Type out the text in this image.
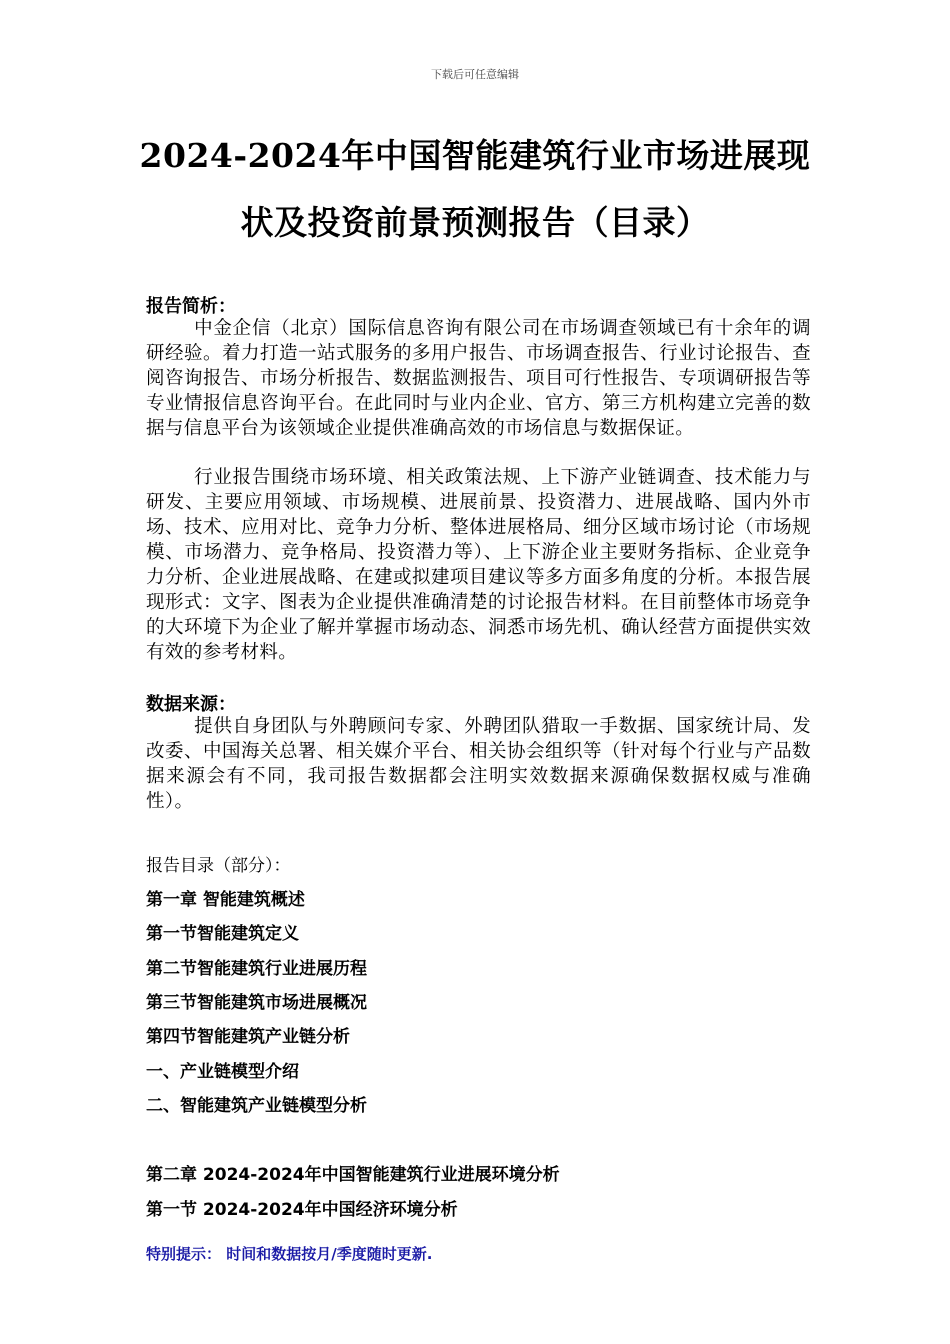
下载后可任意编辑
2024-2024年中国智能建筑行业市场进展现
状及投资前景预测报告（目录）
报告简析：

中金企信（北京）国际信息咨询有限公司在市场调查领域已有十余年的调研经验。着力打造一站式服务的多用户报告、市场调查报告、行业讨论报告、查阅咨询报告、市场分析报告、数据监测报告、项目可行性报告、专项调研报告等专业情报信息咨询平台。在此同时与业内企业、官方、第三方机构建立完善的数据与信息平台为该领域企业提供准确高效的市场信息与数据保证。

行业报告围绕市场环境、相关政策法规、上下游产业链调查、技术能力与研发、主要应用领域、市场规模、进展前景、投资潜力、进展战略、国内外市场、技术、应用对比、竞争力分析、整体进展格局、细分区域市场讨论（市场规模、市场潜力、竞争格局、投资潜力等）、上下游企业主要财务指标、企业竞争力分析、企业进展战略、在建或拟建项目建议等多方面多角度的分析。本报告展现形式：文字、图表为企业提供准确清楚的讨论报告材料。在目前整体市场竞争的大环境下为企业了解并掌握市场动态、洞悉市场先机、确认经营方面提供实效有效的参考材料。

数据来源：

提供自身团队与外聘顾问专家、外聘团队猎取一手数据、国家统计局、发改委、中国海关总署、相关媒介平台、相关协会组织等（针对每个行业与产品数据来源会有不同，我司报告数据都会注明实效数据来源确保数据权威与准确性）。

报告目录（部分）：
第一章 智能建筑概述
第一节智能建筑定义
第二节智能建筑行业进展历程
第三节智能建筑市场进展概况
第四节智能建筑产业链分析
一、产业链模型介绍
二、智能建筑产业链模型分析
第二章 2024-2024年中国智能建筑行业进展环境分析
第一节 2024-2024年中国经济环境分析
特别提示： 时间和数据按月/季度随时更新.
